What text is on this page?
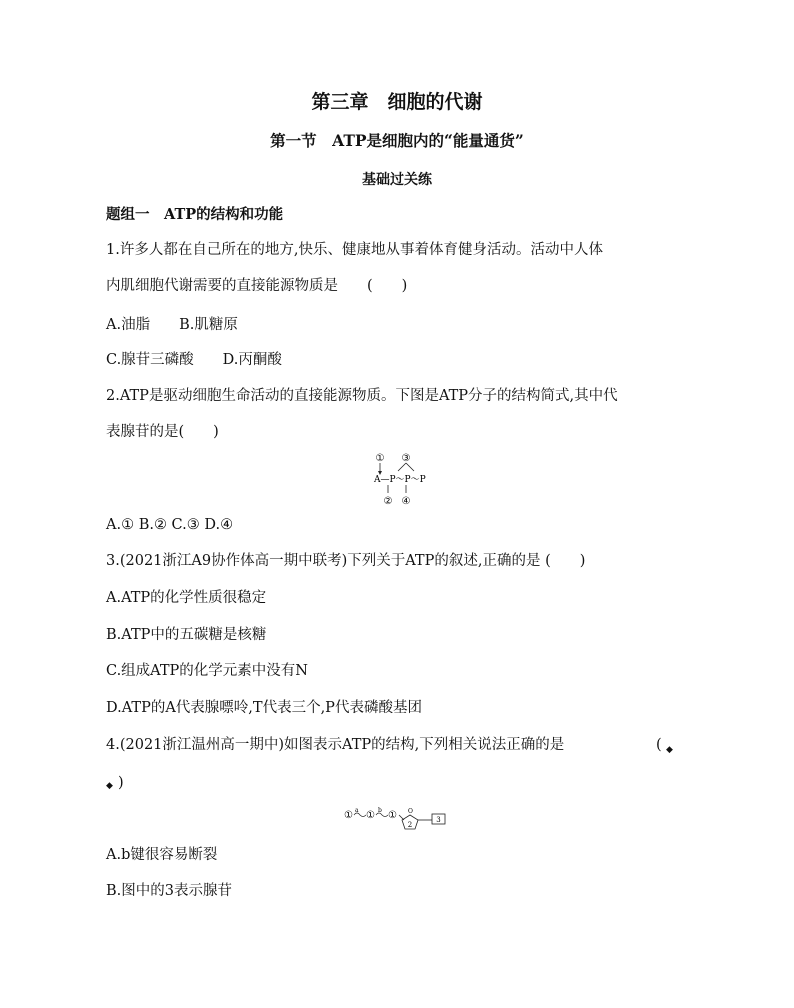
第三章　细胞的代谢
第一节　ATP是细胞内的“能量通货”
基础过关练
题组一　ATP的结构和功能
1.许多人都在自己所在的地方,快乐、健康地从事着体育健身活动。活动中人体
内肌细胞代谢需要的直接能源物质是　　(　　)
A.油脂　　B.肌糖原
C.腺苷三磷酸　　D.丙酮酸
2.ATP是驱动细胞生命活动的直接能源物质。下图是ATP分子的结构简式,其中代
表腺苷的是(　　)
① ③
A—P～P～P
② ④
A.① B.② C.③ D.④
3.(2021浙江A9协作体高一期中联考)下列关于ATP的叙述,正确的是 (　　)
A.ATP的化学性质很稳定
B.ATP中的五碳糖是核糖
C.组成ATP的化学元素中没有N
D.ATP的A代表腺嘌呤,T代表三个,P代表磷酸基团
4.(2021浙江温州高一期中)如图表示ATP的结构,下列相关说法正确的是	( ◆
◆ )
① a ① b ① O
2
3
A.b键很容易断裂
B.图中的3表示腺苷
